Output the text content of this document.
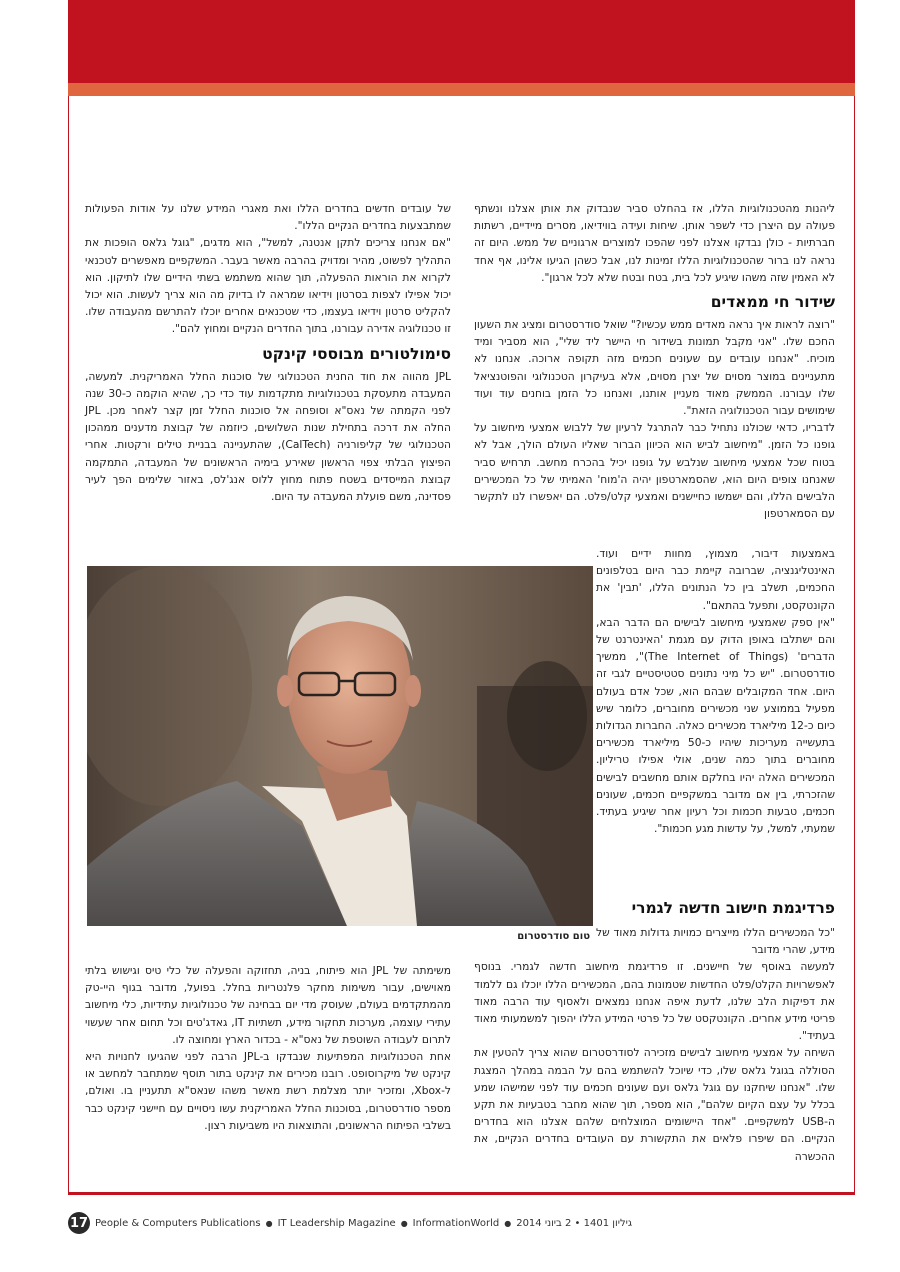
ליהנות מהטכנולוגיות הללו, אז בהחלט סביר שנבדוק את אותן אצלנו ונשתף פעולה עם היצרן כדי לשפר אותן. שיחות ועידה בווידיאו, מסרים מיידיים, רשתות חברתיות - כולן נבדקו אצלנו לפני שהפכו למוצרים ארגוניים של ממש. היום זה נראה לנו ברור שהטכנולוגיות הללו זמינות לנו, אבל כשהן הגיעו אלינו, אף אחד לא האמין שזה משהו שיגיע לכל בית, בטח ובטח שלא לכל ארגון".

שידור חי ממאדים

"רוצה לראות איך נראה מאדים ממש עכשיו?" שואל סודרסטרום ומציג את השעון החכם שלו. "אני מקבל תמונות בשידור חי היישר ליד שלי", הוא מסביר ומיד מוכיח. "אנחנו עובדים עם שעונים חכמים מזה תקופה ארוכה. אנחנו לא מתעניינים במוצר מסוים של יצרן מסוים, אלא בעיקרון הטכנולוגי והפוטנציאל שלו עבורנו. הממשק מאוד מעניין אותנו, ואנחנו כל הזמן בוחנים עוד ועוד שימושים עבור הטכנולוגיה הזאת".

לדבריו, כדאי שכולנו נתחיל כבר להתרגל לרעיון של ללבוש אמצעי מיחשוב על גופנו כל הזמן. "מיחשוב לביש הוא הכיוון הברור שאליו העולם הולך, אבל לא בטוח שכל אמצעי מיחשוב שנלבש על גופנו יכיל בהכרח מחשב. תרחיש סביר שאנחנו צופים היום הוא, שהסמארטפון יהיה ה'מוח' האמיתי של כל המכשירים הלבישים הללו, והם ישמשו כחיישנים ואמצעי קלט/פלט. הם יאפשרו לנו לתקשר עם הסמארטפון

של עובדים חדשים בחדרים הללו ואת מאגרי המידע שלנו על אודות הפעולות שמתבצעות בחדרים הנקיים הללו".

"אם אנחנו צריכים לתקן אנטנה, למשל", הוא מדגים, "גוגל גלאס הופכות את התהליך לפשוט, מהיר ומדויק בהרבה מאשר בעבר. המשקפיים מאפשרים לטכנאי לקרוא את הוראות ההפעלה, תוך שהוא משתמש בשתי הידיים שלו לתיקון. הוא יכול אפילו לצפות בסרטון וידיאו שמראה לו בדיוק מה הוא צריך לעשות. הוא יכול להקליט סרטון וידיאו בעצמו, כדי שטכנאים אחרים יוכלו להתרשם מהעבודה שלו. זו טכנולוגיה אדירה עבורנו, בתוך החדרים הנקיים ומחוץ להם".

סימולטורים מבוססי קינקט

JPL מהווה את חוד החנית הטכנולוגי של סוכנות החלל האמריקנית. למעשה, המעבדה מתעסקת בטכנולוגיות מתקדמות עוד כדי כך, שהיא הוקמה כ-30 שנה לפני הקמתה של נאס"א וסופחה אל סוכנות החלל זמן קצר לאחר מכן. JPL החלה את דרכה בתחילת שנות השלושים, כיוזמה של קבוצת מדענים ממהכון הטכנולוגי של קליפורניה (CalTech), שהתעניינה בבניית טילים ורקטות. אחרי הפיצוץ הבלתי צפוי הראשון שאירע בימיה הראשונים של המעבדה, התמקמה קבוצת המייסדים בשטח פתוח מחוץ ללוס אנג'לס, באזור שלימים הפך לעיר פסדינה, משם פועלת המעבדה עד היום.

טום סודרסטרום

באמצעות דיבור, מצמוץ, מחוות ידיים ועוד. האינטליגנציה, שברובה קיימת כבר היום בטלפונים החכמים, תשלב בין כל הנתונים הללו, 'תבין' את הקונטקסט, ותפעל בהתאם".

"אין ספק שאמצעי מיחשוב לבישים הם הדבר הבא, והם ישתלבו באופן הדוק עם מגמת 'האינטרנט של הדברים' (The Internet of Things)", ממשיך סודרסטרום. "יש כל מיני נתונים סטטיסטיים לגבי זה היום. אחד המקובלים שבהם הוא, שכל אדם בעולם מפעיל בממוצע שני מכשירים מחוברים, כלומר שיש כיום כ-12 מיליארד מכשירים כאלה. החברות הגדולות בתעשייה מעריכות שיהיו כ-50 מיליארד מכשירים מחוברים בתוך כמה שנים, אולי אפילו טריליון. המכשירים האלה יהיו בחלקם אותם מחשבים לבישים שהזכרתי, בין אם מדובר במשקפיים חכמים, שעונים חכמים, טבעות חכמות וכל רעיון אחר שיגיע בעתיד. שמעתי, למשל, על עדשות מגע חכמות".

פרדיגמת חישוב חדשה לגמרי

"כל המכשירים הללו מייצרים כמויות גדולות מאוד של מידע, שהרי מדובר

למעשה באוסף של חיישנים. זו פרדיגמת מיחשוב חדשה לגמרי. בנוסף לאפשרויות הקלט/פלט החדשות שטמונות בהם, המכשירים הללו יוכלו גם ללמוד את דפיקות הלב שלנו, לדעת איפה אנחנו נמצאים ולאסוף עוד הרבה מאוד פריטי מידע אחרים. הקונטקסט של כל פרטי המידע הללו יהפוך למשמעותי מאוד בעתיד".

השיחה על אמצעי מיחשוב לבישים מזכירה לסודרסטרום שהוא צריך להטעין את הסוללה בגוגל גלאס שלו, כדי שיוכל להשתמש בהם על הבמה במהלך המצגת שלו. "אנחנו שיחקנו עם גוגל גלאס ועם שעונים חכמים עוד לפני שמישהו שמע בכלל על עצם הקיום שלהם", הוא מספר, תוך שהוא מחבר בטבעיות את תקע ה-USB למשקפיים. "אחד היישומים המוצלחים שלהם אצלנו הוא בחדרים הנקיים. הם שיפרו פלאים את התקשורת עם העובדים בחדרים הנקיים, את ההכשרה

משימתה של JPL הוא פיתוח, בניה, תחזוקה והפעלה של כלי טיס וגישוש בלתי מאוישים, עבור משימות מחקר פלנטריות בחלל. בפועל, מדובר בגוף היי-טק מהמתקדמים בעולם, שעוסק מדי יום בבחינה של טכנולוגיות עתידיות, כלי מיחשוב עתירי עוצמה, מערכות תחקור מידע, תשתיות IT, גאדג'טים וכל תחום אחר שעשוי לתרום לעבודה השוטפת של נאס"א - בכדור הארץ ומחוצה לו.

אחת הטכנולוגיות המפתיעות שנבדקו ב-JPL הרבה לפני שהגיעו לחנויות היא קינקט של מיקרוסופט. רובנו מכירים את קינקט בתור תוסף שמתחבר למחשב או ל-Xbox, ומזכיר יותר מצלמת רשת מאשר משהו שנאס"א תתעניין בו. ואולם, מספר סודרסטרום, בסוכנות החלל האמריקנית עשו ניסויים עם חיישני קינקט כבר בשלבי הפיתוח הראשונים, והתוצאות היו משביעות רצון.

17 People & Computers Publications ● IT Leadership Magazine ● InformationWorld ● גיליון 1401 • 2 ביוני 2014
